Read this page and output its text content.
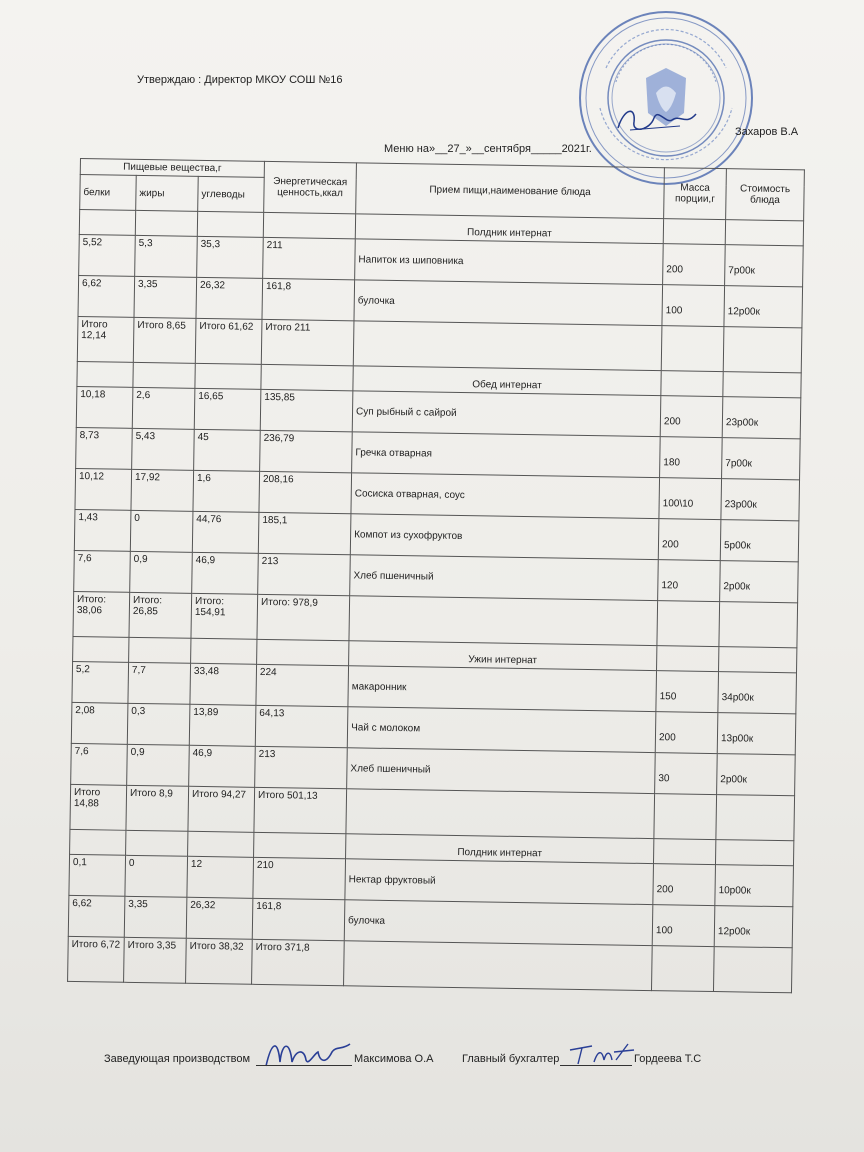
Утверждаю : Директор МКОУ СОШ №16
Захаров В.А
Меню на»__27_»__сентября_____2021г.
Пищевые вещества,г			Энергетическая ценность,ккал	Прием пищи,наименование блюда	Масса порции,г	Стоимость блюда
белки	жиры	углеводы				
				Полдник интернат		
5,52	5,3	35,3	211	Напиток из шиповника	200	7р00к
6,62	3,35	26,32	161,8	булочка	100	12р00к
Итого 12,14	Итого 8,65	Итого 61,62	Итого 211			
				Обед интернат		
10,18	2,6	16,65	135,85	Суп рыбный с сайрой	200	23р00к
8,73	5,43	45	236,79	Гречка отварная	180	7р00к
10,12	17,92	1,6	208,16	Сосиска отварная, соус	100\10	23р00к
1,43	0	44,76	185,1	Компот из сухофруктов	200	5р00к
7,6	0,9	46,9	213	Хлеб пшеничный	120	2р00к
Итого: 38,06	Итого: 26,85	Итого: 154,91	Итого: 978,9			
				Ужин интернат		
5,2	7,7	33,48	224	макаронник	150	34р00к
2,08	0,3	13,89	64,13	Чай с молоком	200	13р00к
7,6	0,9	46,9	213	Хлеб пшеничный	30	2р00к
Итого 14,88	Итого 8,9	Итого 94,27	Итого 501,13			
				Полдник интернат		
0,1	0	12	210	Нектар фруктовый	200	10р00к
6,62	3,35	26,32	161,8	булочка	100	12р00к
Итого 6,72	Итого 3,35	Итого 38,32	Итого 371,8			
Заведующая производством	Максимова О.А	Главный бухгалтер	Гордеева Т.С
